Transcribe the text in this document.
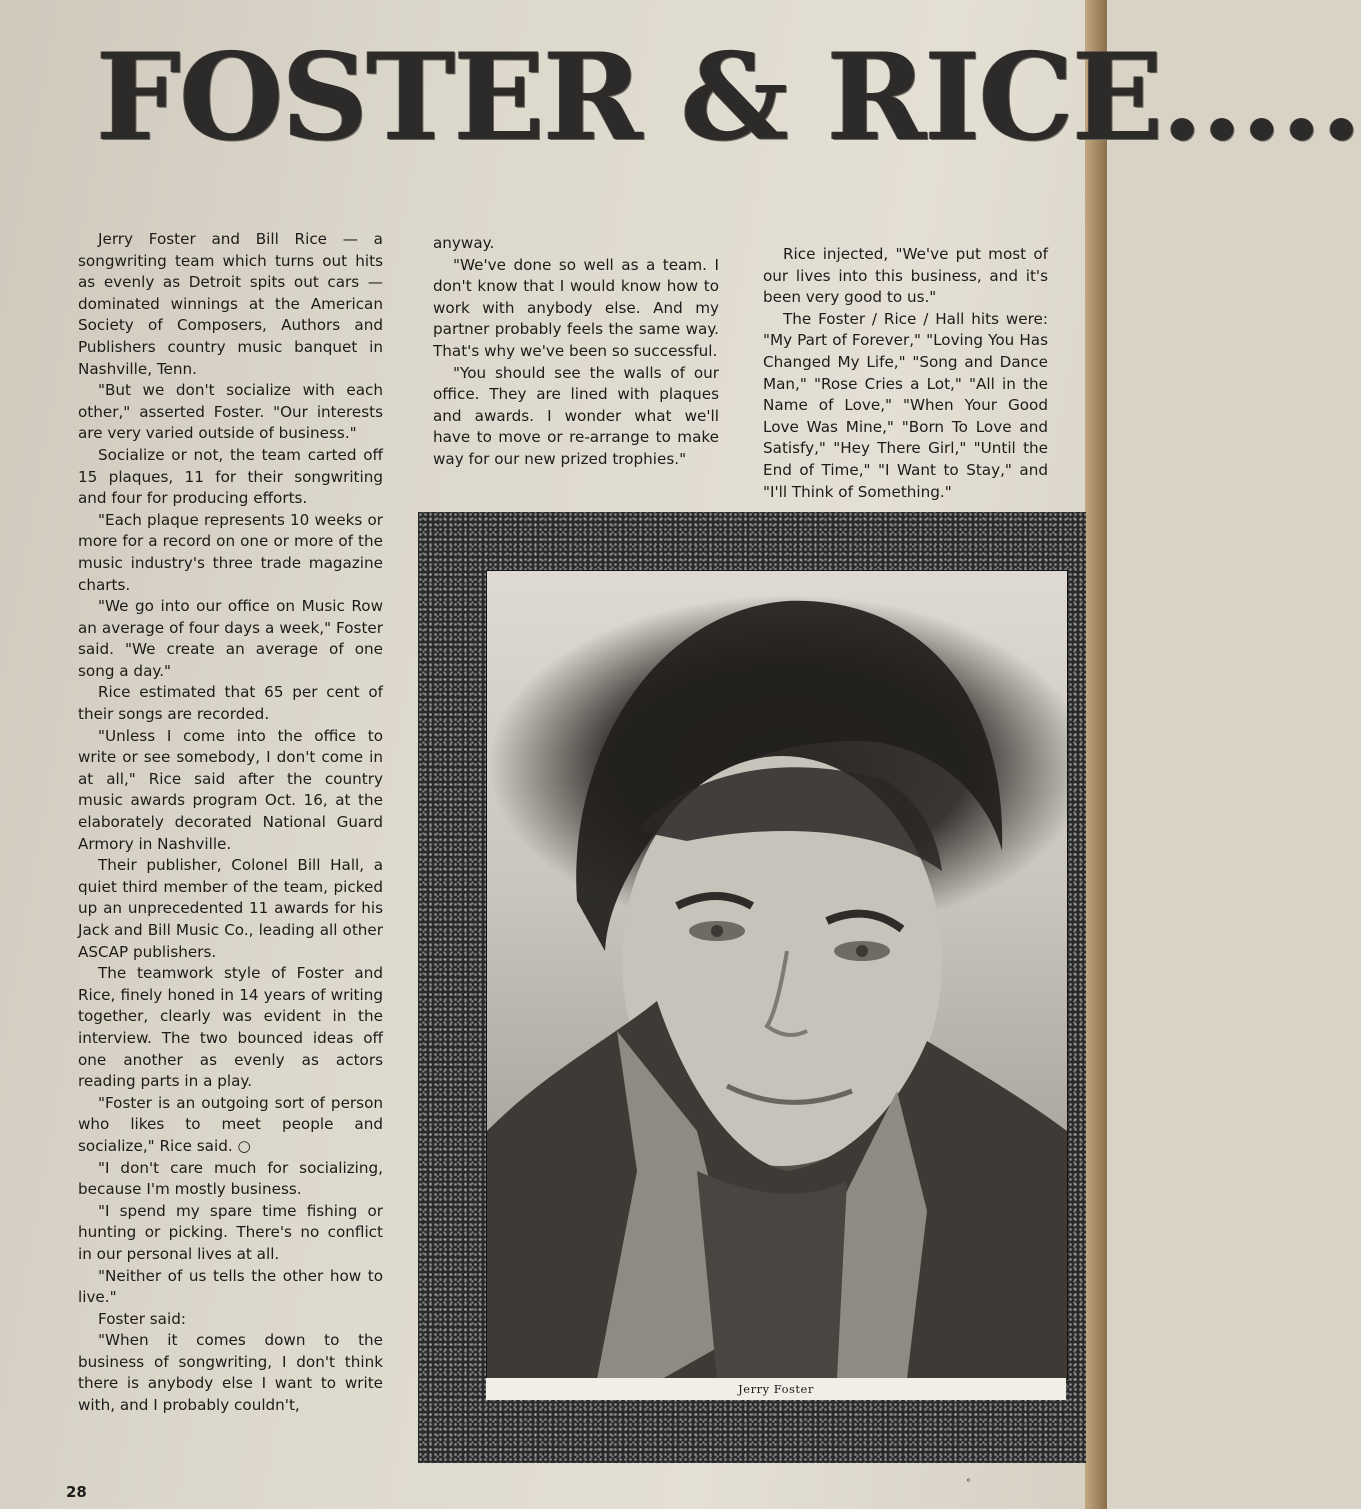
FOSTER & RICE.....

Jerry Foster and Bill Rice — a songwriting team which turns out hits as evenly as Detroit spits out cars — dominated winnings at the American Society of Composers, Authors and Publishers country music banquet in Nashville, Tenn.

"But we don't socialize with each other," asserted Foster. "Our interests are very varied outside of business."

Socialize or not, the team carted off 15 plaques, 11 for their songwriting and four for producing efforts.

"Each plaque represents 10 weeks or more for a record on one or more of the music industry's three trade magazine charts.

"We go into our office on Music Row an average of four days a week," Foster said. "We create an average of one song a day."

Rice estimated that 65 per cent of their songs are recorded.

"Unless I come into the office to write or see somebody, I don't come in at all," Rice said after the country music awards program Oct. 16, at the elaborately decorated National Guard Armory in Nashville.

Their publisher, Colonel Bill Hall, a quiet third member of the team, picked up an unprecedented 11 awards for his Jack and Bill Music Co., leading all other ASCAP publishers.

The teamwork style of Foster and Rice, finely honed in 14 years of writing together, clearly was evident in the interview. The two bounced ideas off one another as evenly as actors reading parts in a play.

"Foster is an outgoing sort of person who likes to meet people and socialize," Rice said. ○

"I don't care much for socializing, because I'm mostly business.

"I spend my spare time fishing or hunting or picking. There's no conflict in our personal lives at all.

"Neither of us tells the other how to live."

Foster said:

"When it comes down to the business of songwriting, I don't think there is anybody else I want to write with, and I probably couldn't,

anyway.

"We've done so well as a team. I don't know that I would know how to work with anybody else. And my partner probably feels the same way. That's why we've been so successful.

"You should see the walls of our office. They are lined with plaques and awards. I wonder what we'll have to move or re-arrange to make way for our new prized trophies."

Rice injected, "We've put most of our lives into this business, and it's been very good to us."

The Foster / Rice / Hall hits were: "My Part of Forever," "Loving You Has Changed My Life," "Song and Dance Man," "Rose Cries a Lot," "All in the Name of Love," "When Your Good Love Was Mine," "Born To Love and Satisfy," "Hey There Girl," "Until the End of Time," "I Want to Stay," and "I'll Think of Something."

Jerry Foster
28	°
